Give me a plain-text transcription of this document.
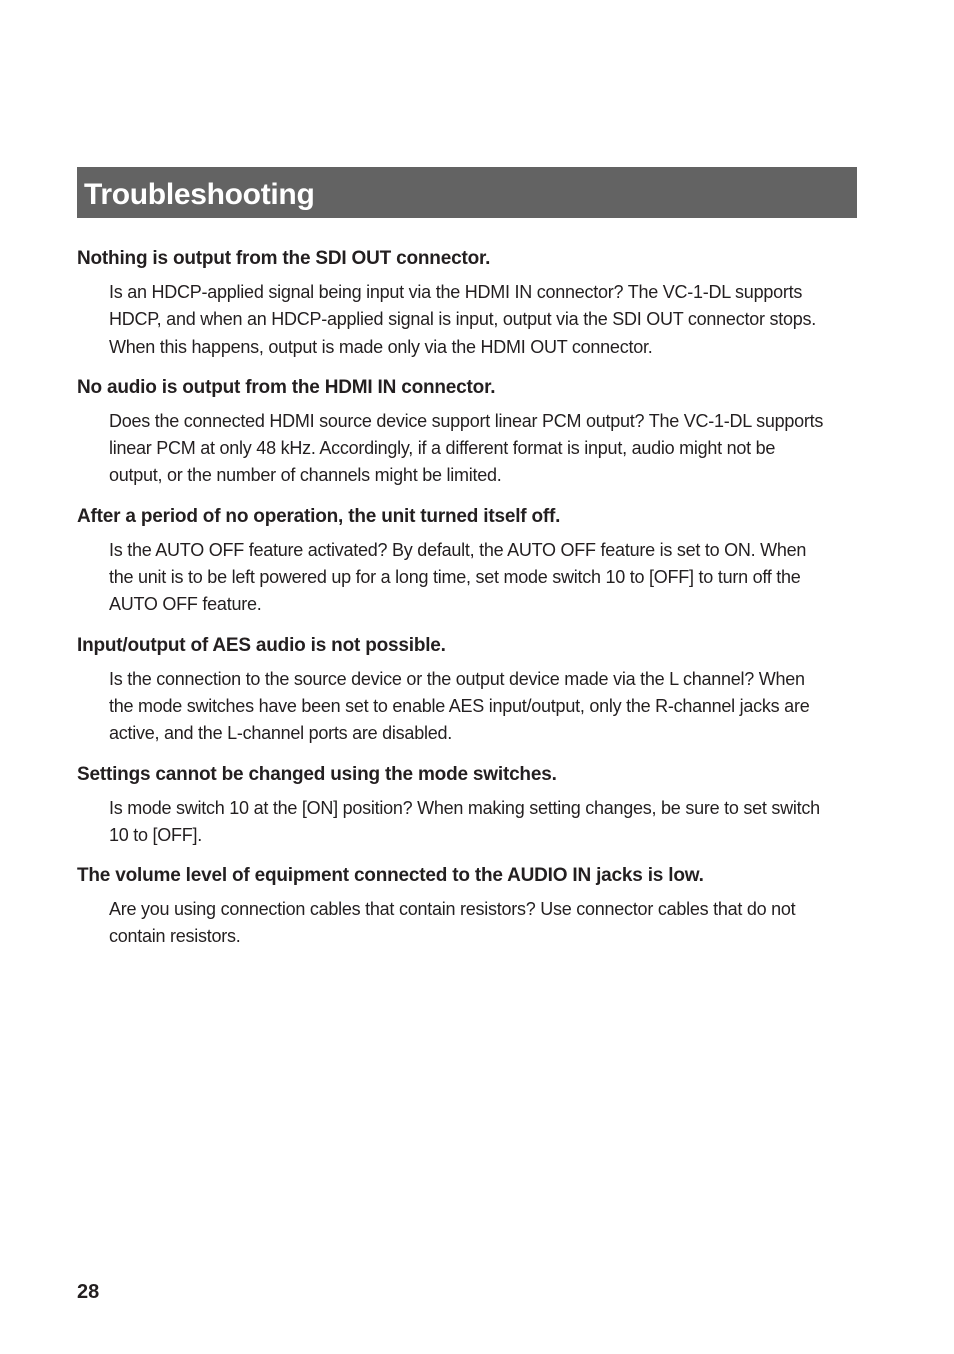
Troubleshooting
Nothing is output from the SDI OUT connector.

Is an HDCP-applied signal being input via the HDMI IN connector? The VC-1-DL supports HDCP, and when an HDCP-applied signal is input, output via the SDI OUT connector stops. When this happens, output is made only via the HDMI OUT connector.

No audio is output from the HDMI IN connector.

Does the connected HDMI source device support linear PCM output? The VC-1-DL supports linear PCM at only 48 kHz. Accordingly, if a different format is input, audio might not be output, or the number of channels might be limited.

After a period of no operation, the unit turned itself off.

Is the AUTO OFF feature activated? By default, the AUTO OFF feature is set to ON. When the unit is to be left powered up for a long time, set mode switch 10 to [OFF] to turn off the AUTO OFF feature.

Input/output of AES audio is not possible.

Is the connection to the source device or the output device made via the L channel? When the mode switches have been set to enable AES input/output, only the R-channel jacks are active, and the L-channel ports are disabled.

Settings cannot be changed using the mode switches.

Is mode switch 10 at the [ON] position? When making setting changes, be sure to set switch 10 to [OFF].

The volume level of equipment connected to the AUDIO IN jacks is low.

Are you using connection cables that contain resistors? Use connector cables that do not contain resistors.

28
